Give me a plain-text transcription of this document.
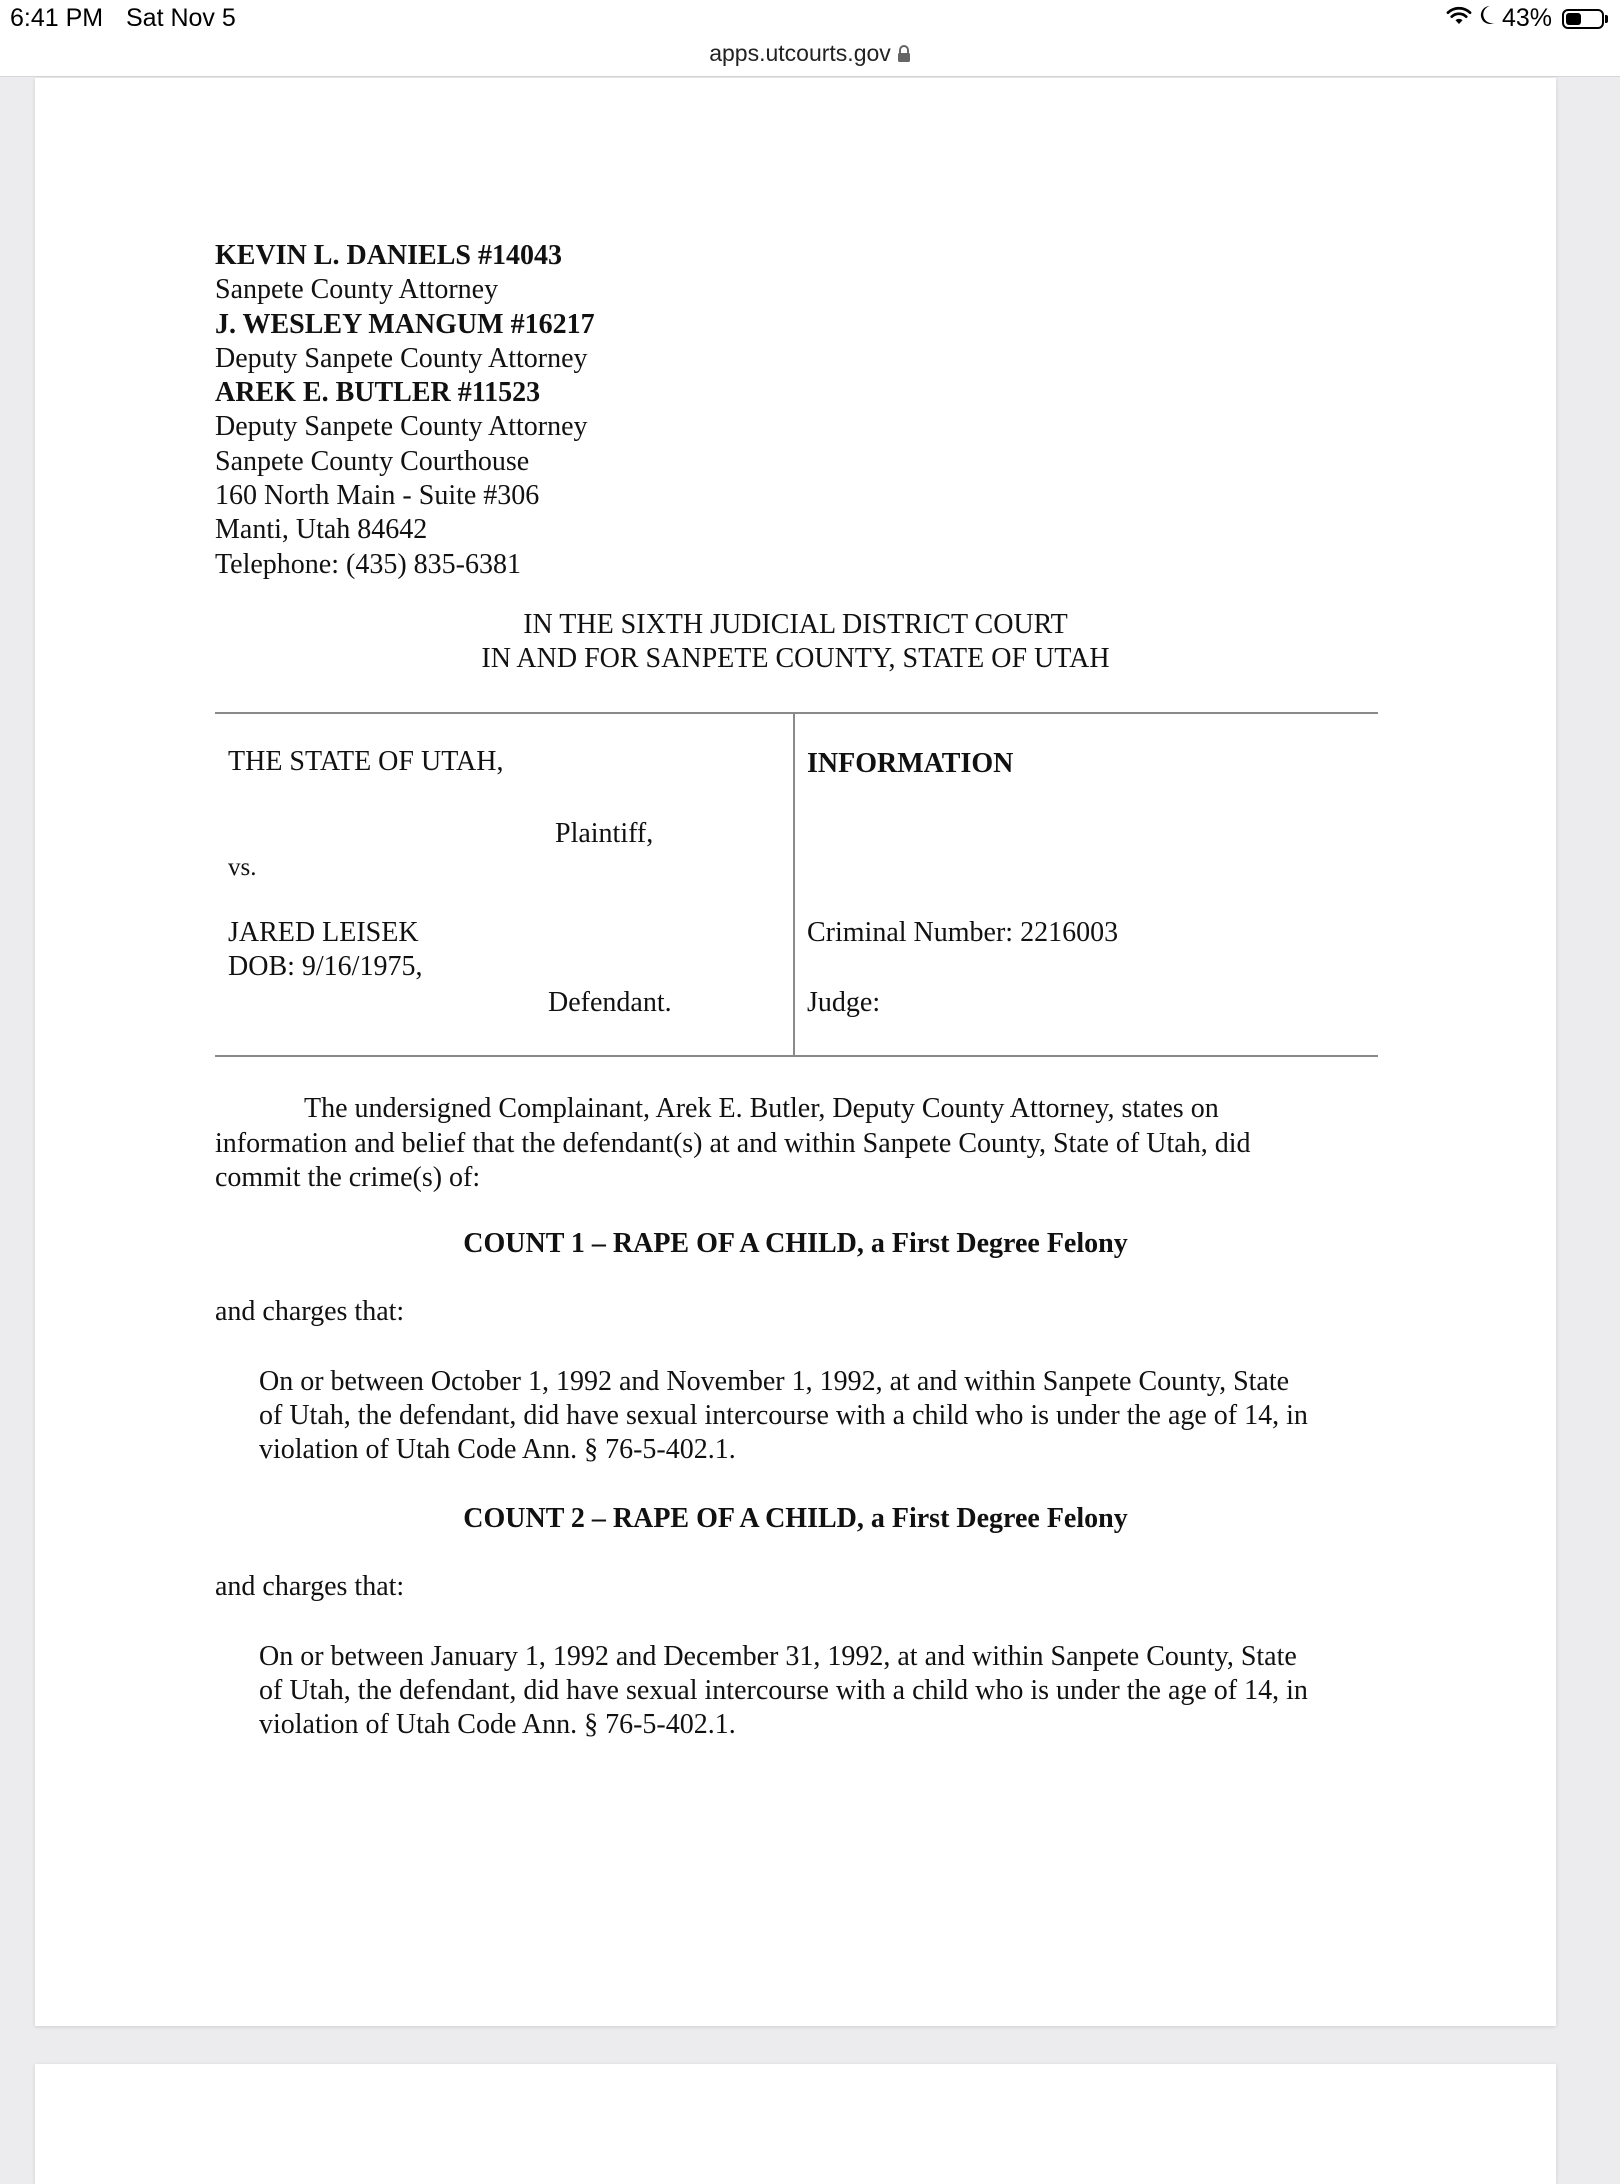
6:41 PM Sat Nov 5	43%
apps.utcourts.gov
KEVIN L. DANIELS #14043
Sanpete County Attorney
J. WESLEY MANGUM #16217
Deputy Sanpete County Attorney
AREK E. BUTLER #11523
Deputy Sanpete County Attorney
Sanpete County Courthouse
160 North Main - Suite #306
Manti, Utah 84642
Telephone: (435) 835-6381
IN THE SIXTH JUDICIAL DISTRICT COURT
IN AND FOR SANPETE COUNTY, STATE OF UTAH
THE STATE OF UTAH,
Plaintiff,
vs.
JARED LEISEK
DOB: 9/16/1975,
Defendant.
INFORMATION
Criminal Number: 2216003
Judge:
The undersigned Complainant, Arek E. Butler, Deputy County Attorney, states on
information and belief that the defendant(s) at and within Sanpete County, State of Utah, did
commit the crime(s) of:
COUNT 1 – RAPE OF A CHILD, a First Degree Felony
and charges that:
On or between October 1, 1992 and November 1, 1992, at and within Sanpete County, State
of Utah, the defendant, did have sexual intercourse with a child who is under the age of 14, in
violation of Utah Code Ann. § 76-5-402.1.
COUNT 2 – RAPE OF A CHILD, a First Degree Felony
and charges that:
On or between January 1, 1992 and December 31, 1992, at and within Sanpete County, State
of Utah, the defendant, did have sexual intercourse with a child who is under the age of 14, in
violation of Utah Code Ann. § 76-5-402.1.
